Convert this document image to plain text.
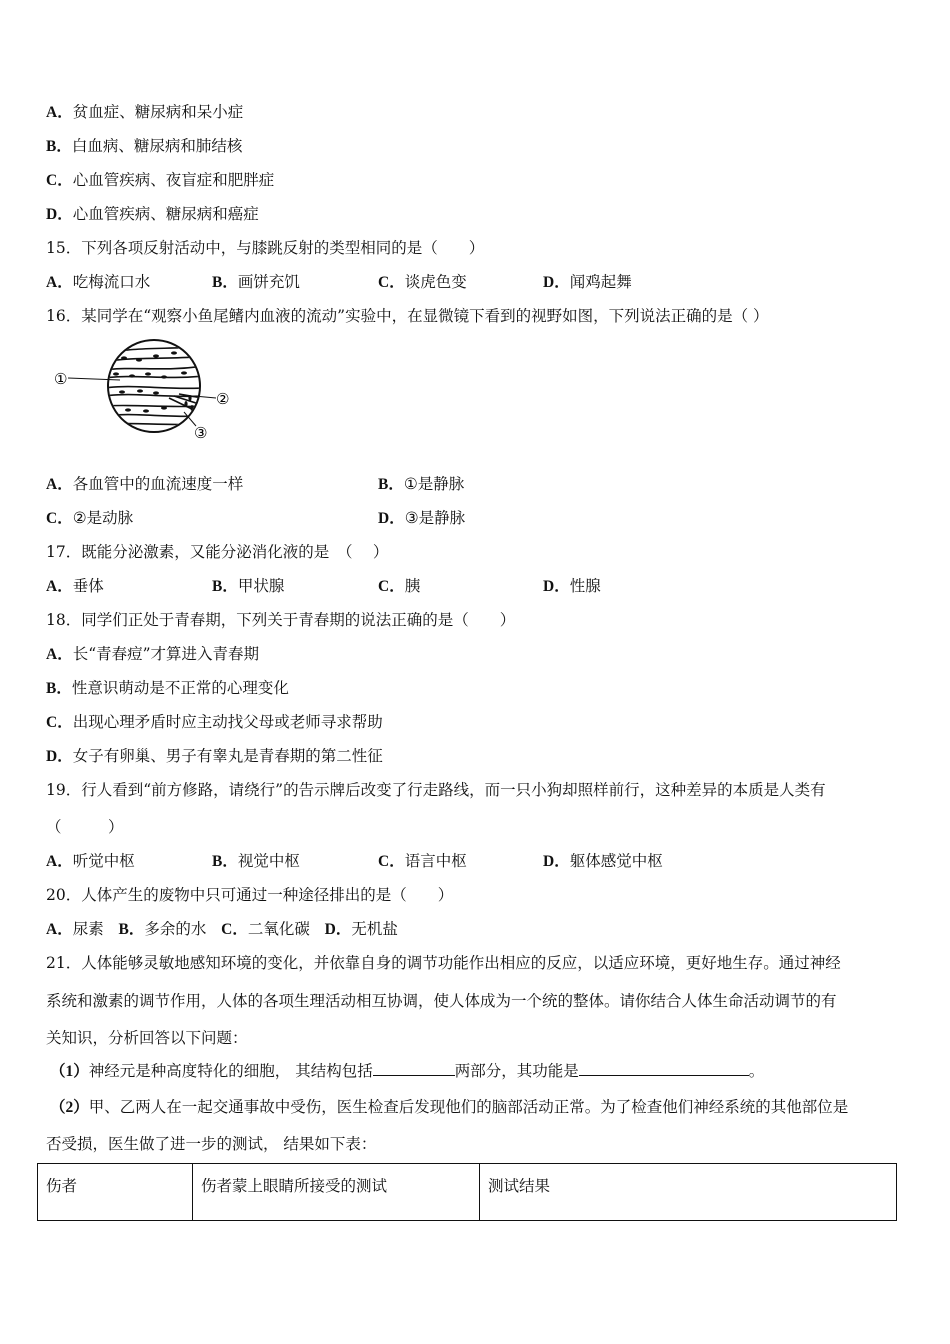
A．贫血症、糖尿病和呆小症
B．白血病、糖尿病和肺结核
C．心血管疾病、夜盲症和肥胖症
D．心血管疾病、糖尿病和癌症
15．下列各项反射活动中，与膝跳反射的类型相同的是（　　）
A．吃梅流口水	B．画饼充饥	C．谈虎色变	D．闻鸡起舞
16．某同学在“观察小鱼尾鳍内血液的流动”实验中，在显微镜下看到的视野如图，下列说法正确的是（ ）
①
②
③
A．各血管中的血流速度一样	B．①是静脉
C．②是动脉	D．③是静脉
17．既能分泌激素，又能分泌消化液的是　（　 ）
A．垂体	B．甲状腺	C．胰	D．性腺
18．同学们正处于青春期，下列关于青春期的说法正确的是（　　）
A．长“青春痘”才算进入青春期
B．性意识萌动是不正常的心理变化
C．出现心理矛盾时应主动找父母或老师寻求帮助
D．女子有卵巢、男子有睾丸是青春期的第二性征
19．行人看到“前方修路，请绕行”的告示牌后改变了行走路线，而一只小狗却照样前行，这种差异的本质是人类有
（　　　）
A．听觉中枢	B．视觉中枢	C．语言中枢	D．躯体感觉中枢
20．人体产生的废物中只可通过一种途径排出的是（　　）
A．尿素 B．多余的水 C．二氧化碳 D．无机盐
21．人体能够灵敏地感知环境的变化，并依靠自身的调节功能作出相应的反应，以适应环境，更好地生存。通过神经
系统和激素的调节作用，人体的各项生理活动相互协调，使人体成为一个统的整体。请你结合人体生命活动调节的有
关知识，分析回答以下问题：
（1）神经元是种高度特化的细胞， 其结构包括	两部分，其功能是	。
（2）甲、乙两人在一起交通事故中受伤，医生检查后发现他们的脑部活动正常。为了检查他们神经系统的其他部位是
否受损，医生做了进一步的测试， 结果如下表：
伤者	伤者蒙上眼睛所接受的测试	测试结果
